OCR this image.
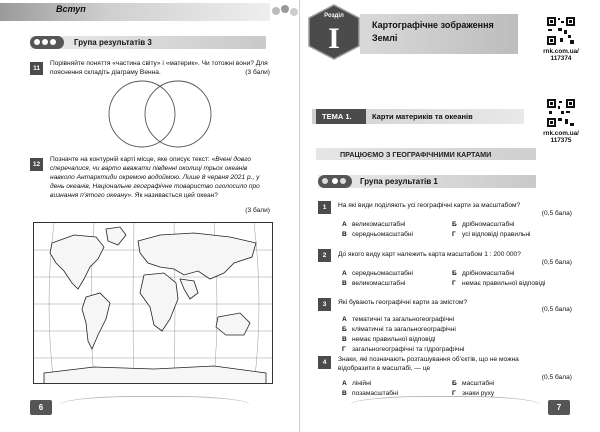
Вступ
Група результатів 3
11
Порівняйте поняття «частина світу» і «материк». Чи тотожні вони? Для пояснення складіть діаграму Венна.	(3 бали)
12
Позначте на контурній карті місце, яке описує текст: «Вчені довго сперечалися, чи варто вважати південні околиці трьох океанів навколо Антарктиди окремою водоймою. Лише 8 червня 2021 р., у день океанів, Національне географічне товариство оголосило про визнання п’ятого океану». Як називається цей океан?
(3 бали)
6
Розділ
I	Картографічне зображення Землі
rnk.com.ua/
117374
ТЕМА 1.	Карти материків та океанів
rnk.com.ua/
117375
ПРАЦЮЄМО З ГЕОГРАФІЧНИМИ КАРТАМИ
Група результатів 1
1	На які види поділяють усі географічні карти за масштабом?
(0,5 бала)
А великомасштабні	Б дрібномасштабні
В середньомасштабні	Г усі відповіді правильні
2	До якого виду карт належить карта масштабом 1 : 200 000?
(0,5 бала)
А середньомасштабні	Б дрібномасштабні
В великомасштабні	Г немає правильної відповіді
3	Які бувають географічні карти за змістом?
(0,5 бала)
А тематичні та загальногеографічні
Б кліматичні та загальногеографічні
В немає правильної відповіді
Г загальногеографічні та гідрографічні
4	Знаки, які позначають розташування об’єктів, що не можна відобразити в масштабі, — це
(0,5 бала)
А лінійні	Б масштабні
В позамасштабні	Г знаки руху
7
